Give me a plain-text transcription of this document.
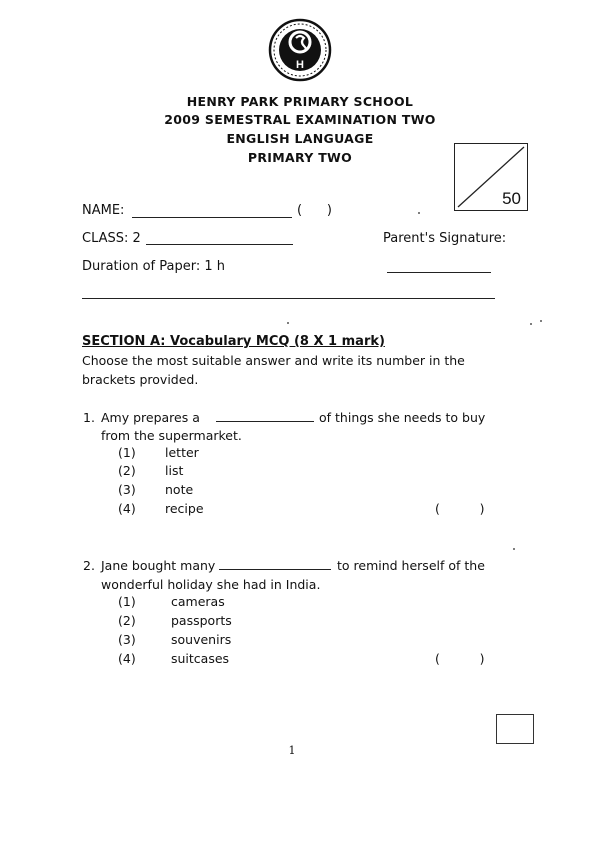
H
HENRY PARK PRIMARY SCHOOL
2009 SEMESTRAL EXAMINATION TWO
ENGLISH LANGUAGE
PRIMARY TWO
50
NAME:	(      )
CLASS: 2	Parent's Signature:
Duration of Paper: 1 h
SECTION A: Vocabulary MCQ (8 X 1 mark)
Choose the most suitable answer and write its number in the
brackets provided.
1. Amy prepares a	of things she needs to buy
from the supermarket.
(1) letter
(2) list
(3) note
(4) recipe	(          )
2. Jane bought many	to remind herself of the
wonderful holiday she had in India.
(1)	cameras
(2)	passports
(3)	souvenirs
(4)	suitcases	(          )
1
